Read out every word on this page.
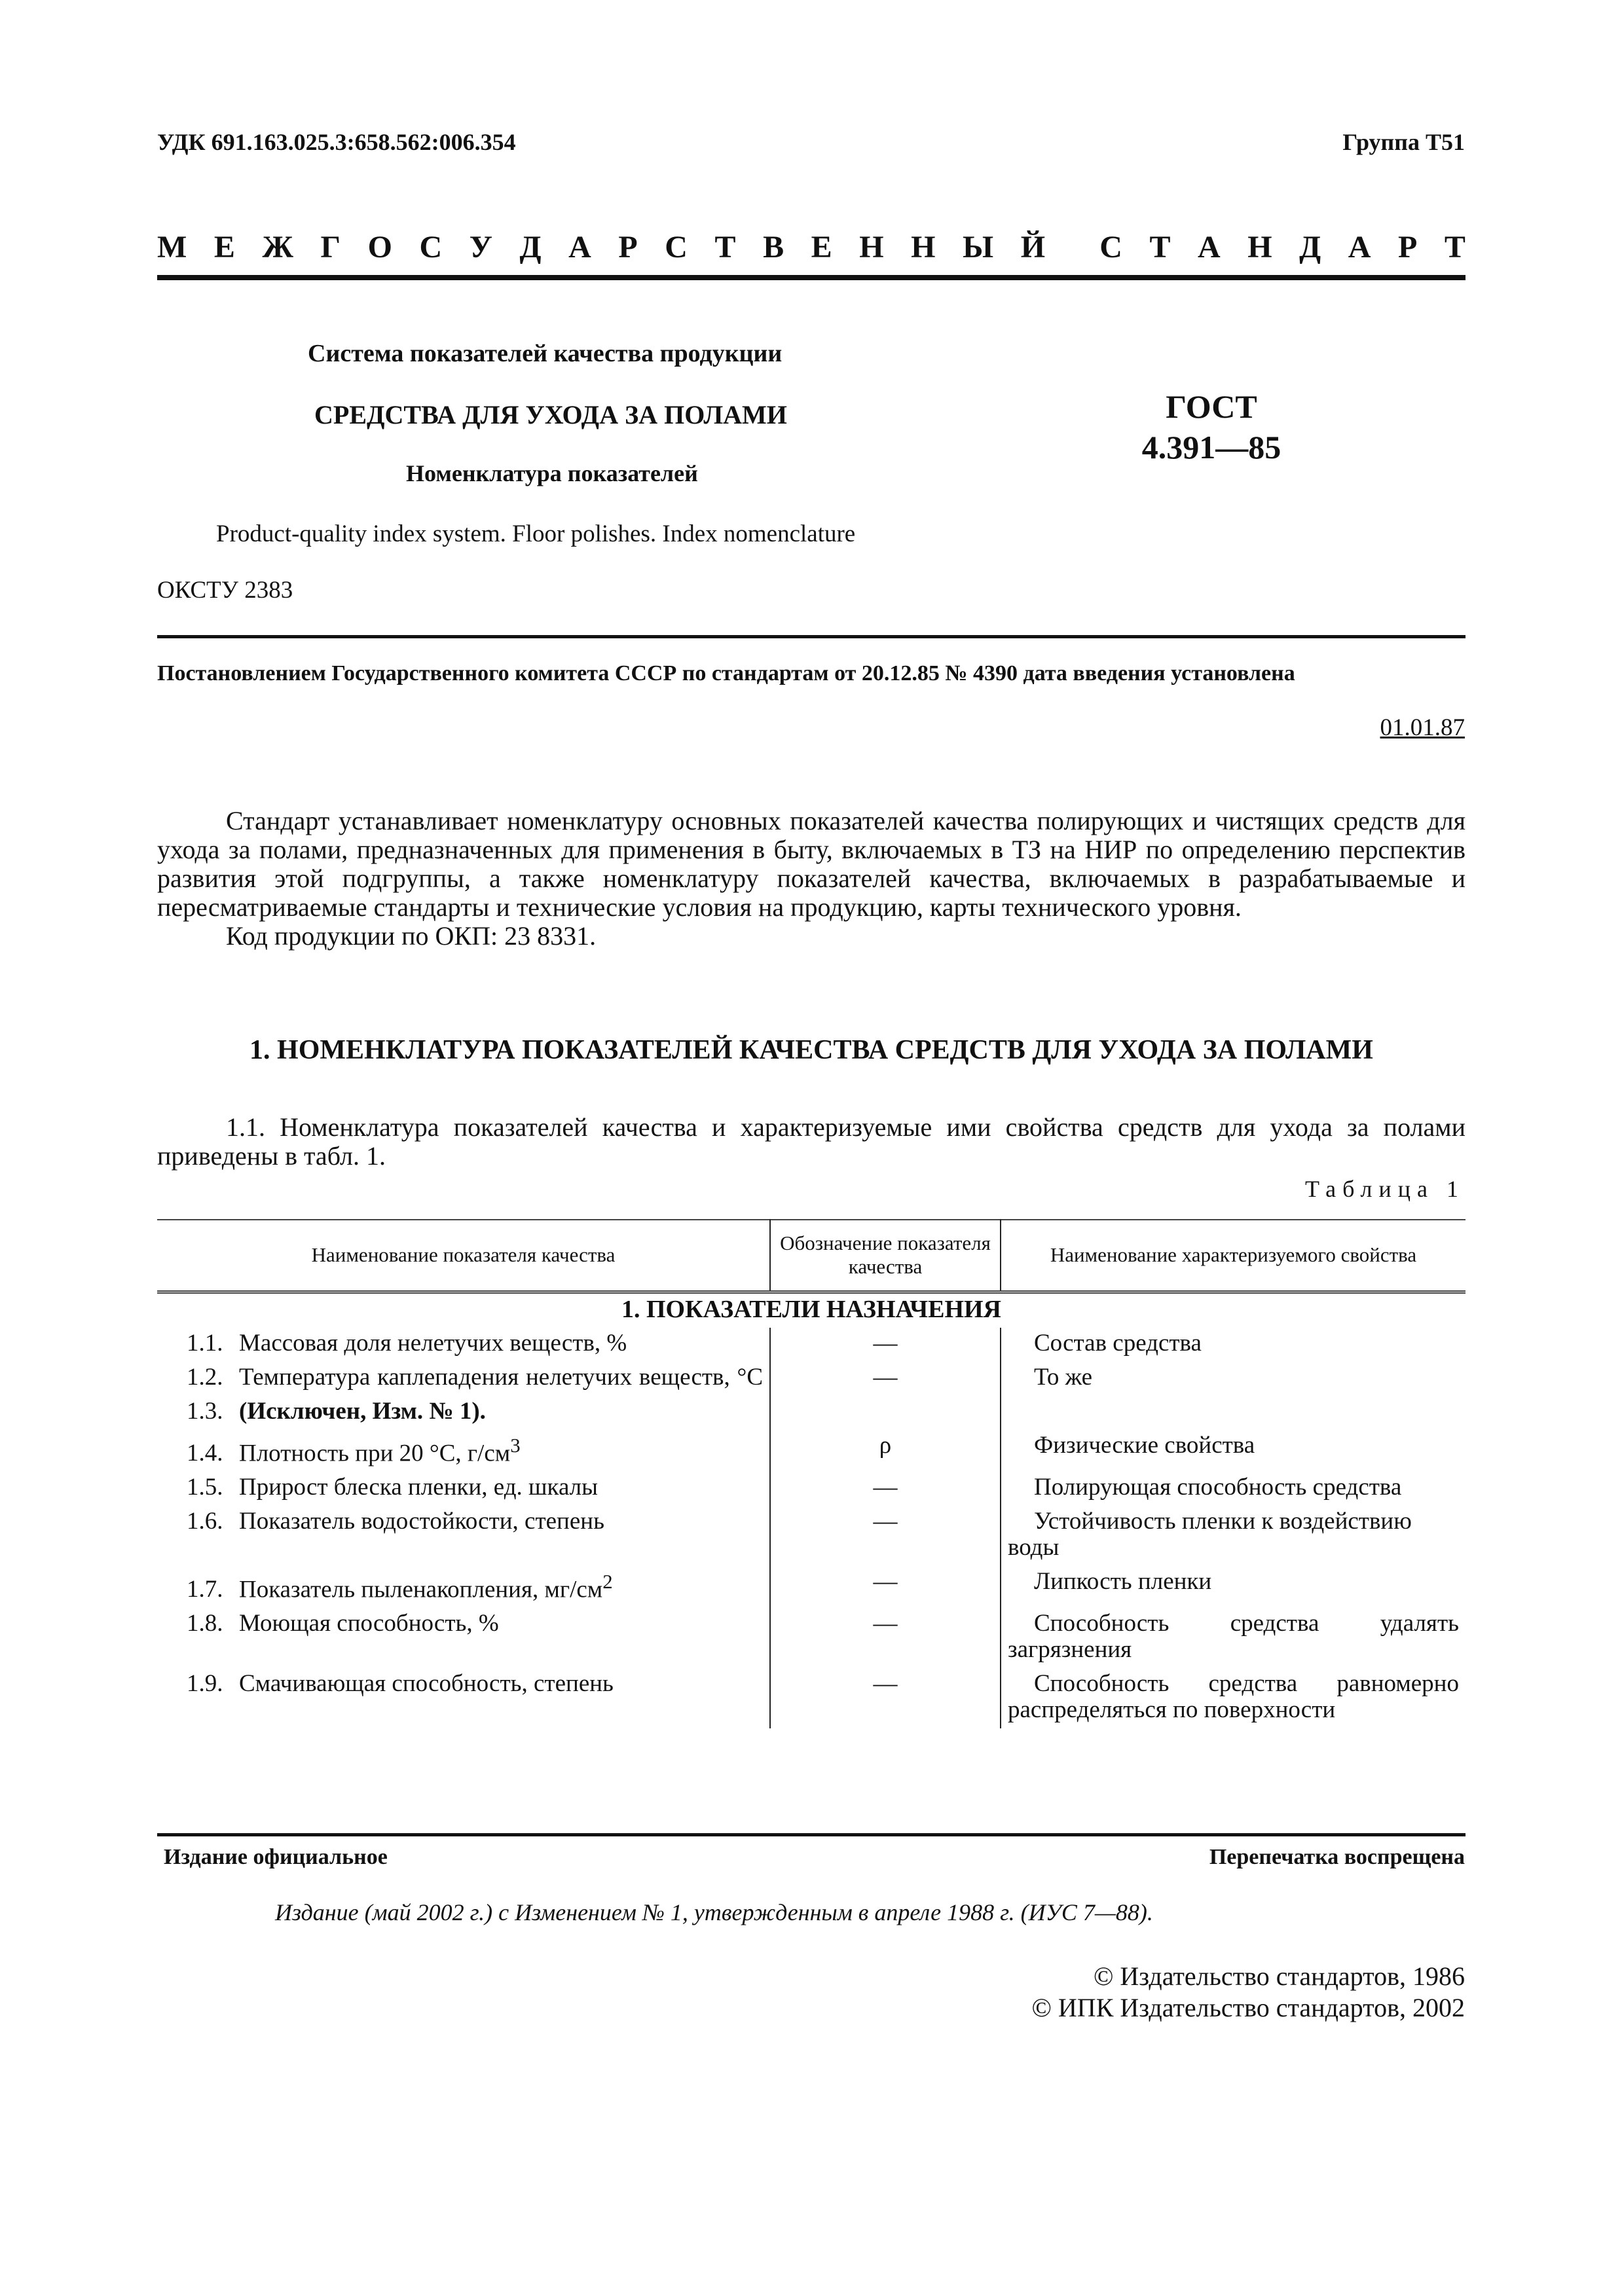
УДК 691.163.025.3:658.562:006.354	Группа Т51
М Е Ж Г О С У Д А Р С Т В Е Н Н Ы Й С Т А Н Д А Р Т
Система показателей качества продукции
СРЕДСТВА ДЛЯ УХОДА ЗА ПОЛАМИ
Номенклатура показателей
ГОСТ
4.391—85
Product-quality index system. Floor polishes. Index nomenclature
ОКСТУ 2383
Постановлением Государственного комитета СССР по стандартам от 20.12.85 № 4390 дата введения установлена
01.01.87

Стандарт устанавливает номенклатуру основных показателей качества полирующих и чистящих средств для ухода за полами, предназначенных для применения в быту, включаемых в ТЗ на НИР по определению перспектив развития этой подгруппы, а также номенклатуру показателей качества, включаемых в разрабатываемые и пересматриваемые стандарты и технические условия на продукцию, карты технического уровня.

Код продукции по ОКП: 23 8331.

1. НОМЕНКЛАТУРА ПОКАЗАТЕЛЕЙ КАЧЕСТВА СРЕДСТВ ДЛЯ УХОДА ЗА ПОЛАМИ

1.1. Номенклатура показателей качества и характеризуемые ими свойства средств для ухода за полами приведены в табл. 1.

Таблица 1
Наименование показателя качества	Обозначение показателя качества	Наименование характеризуемого свойства
1. ПОКАЗАТЕЛИ НАЗНАЧЕНИЯ		
1.1. Массовая доля нелетучих веществ, %	—	Состав средства

1.2. Температура каплепадения нелетучих веществ, °С	—	То же
1.3. (Исключен, Изм. № 1).		
1.4. Плотность при 20 °С, $г/см^3$	ρ	Физические свойства
1.5. Прирост блеска пленки, ед. шкалы	—	Полирующая способность средства
1.6. Показатель водостойкости, степень	—	Устойчивость пленки к воздействию воды

1.7. Показатель пыленакопления, $мг/см^2$	—	Липкость пленки
1.8. Моющая способность, %	—	Способность средства удалять загрязнения

1.9. Смачивающая способность, степень	—	Способность средства равномерно распределяться по поверхности
Издание официальное	Перепечатка воспрещена
Издание (май 2002 г.) с Изменением № 1, утвержденным в апреле 1988 г. (ИУС 7—88).
© Издательство стандартов, 1986
© ИПК Издательство стандартов, 2002
